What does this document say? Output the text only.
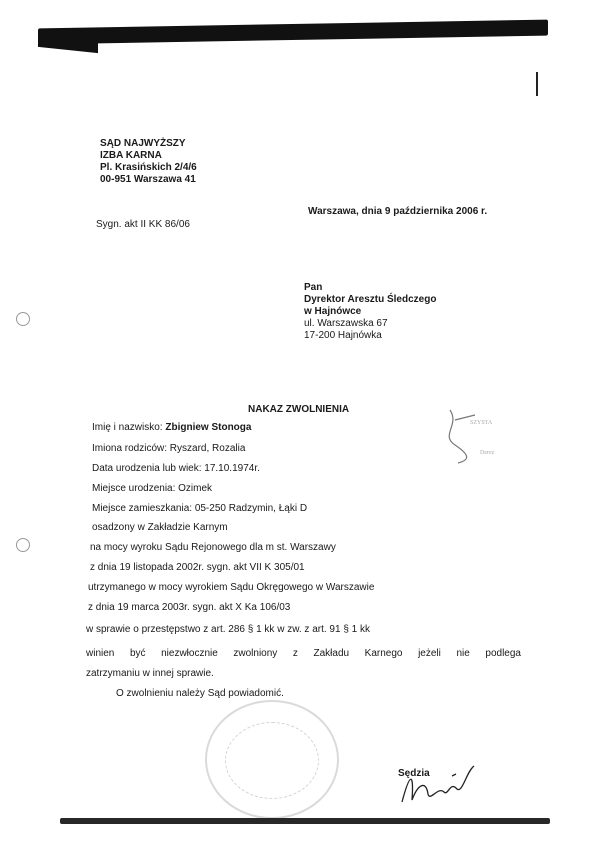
SĄD NAJWYŻSZY
IZBA KARNA
Pl. Krasińskich 2/4/6
00-951 Warszawa 41
Sygn. akt II KK 86/06
Warszawa, dnia 9 października 2006 r.
Pan
Dyrektor Aresztu Śledczego
w Hajnówce
ul. Warszawska 67
17-200 Hajnówka
NAKAZ ZWOLNIENIA
Imię i nazwisko: Zbigniew Stonoga
Imiona rodziców: Ryszard, Rozalia
Data urodzenia lub wiek: 17.10.1974r.
Miejsce urodzenia: Ozimek
Miejsce zamieszkania: 05-250 Radzymin, Łąki D
osadzony w Zakładzie Karnym
na mocy wyroku Sądu Rejonowego dla m st. Warszawy
z dnia 19 listopada 2002r. sygn. akt VII K 305/01
utrzymanego w mocy wyrokiem Sądu Okręgowego w Warszawie
z dnia 19 marca 2003r. sygn. akt X Ka 106/03
w sprawie o przestępstwo z art. 286 § 1 kk w zw. z art. 91 § 1 kk
winien być niezwłocznie zwolniony z Zakładu Karnego jeżeli nie podlega
zatrzymaniu w innej sprawie.
O zwolnieniu należy Sąd powiadomić.
SZYSTA
Derez
Sędzia
